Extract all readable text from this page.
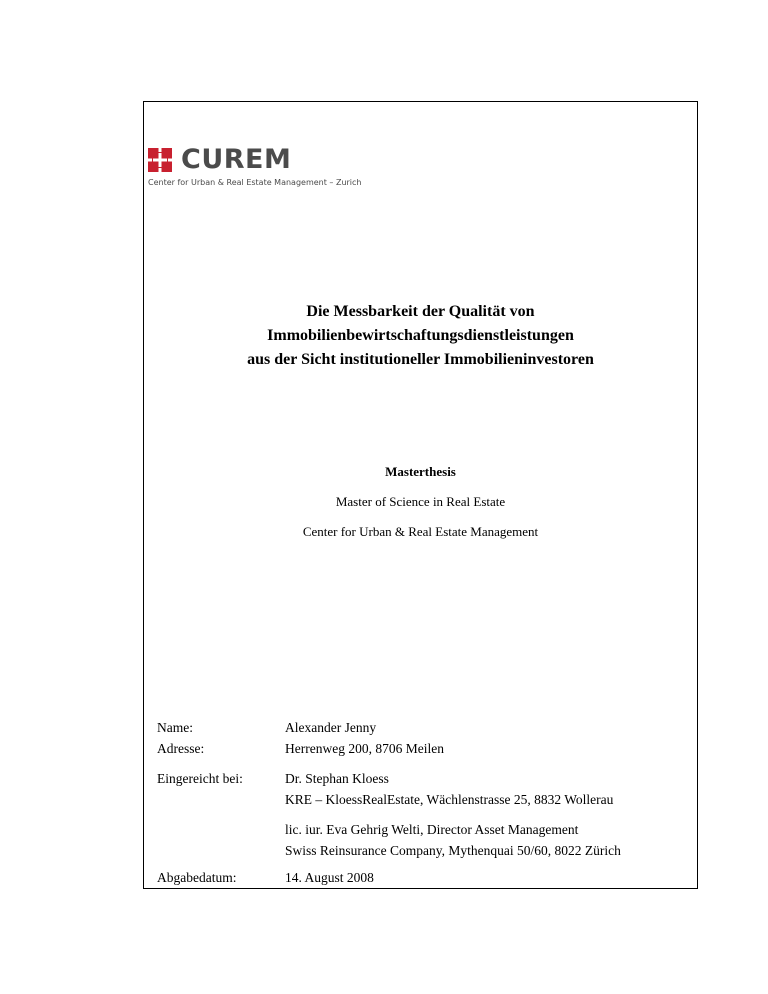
CUREM
Center for Urban & Real Estate Management – Zurich
Die Messbarkeit der Qualität von
Immobilienbewirtschaftungsdienstleistungen
aus der Sicht institutioneller Immobilieninvestoren
Masterthesis
Master of Science in Real Estate
Center for Urban & Real Estate Management
Name:	Alexander Jenny
Adresse:	Herrenweg 200, 8706 Meilen
Eingereicht bei:	Dr. Stephan Kloess
KRE – KloessRealEstate, Wächlenstrasse 25, 8832 Wollerau
lic. iur. Eva Gehrig Welti, Director Asset Management
Swiss Reinsurance Company, Mythenquai 50/60, 8022 Zürich
Abgabedatum:	14. August 2008
